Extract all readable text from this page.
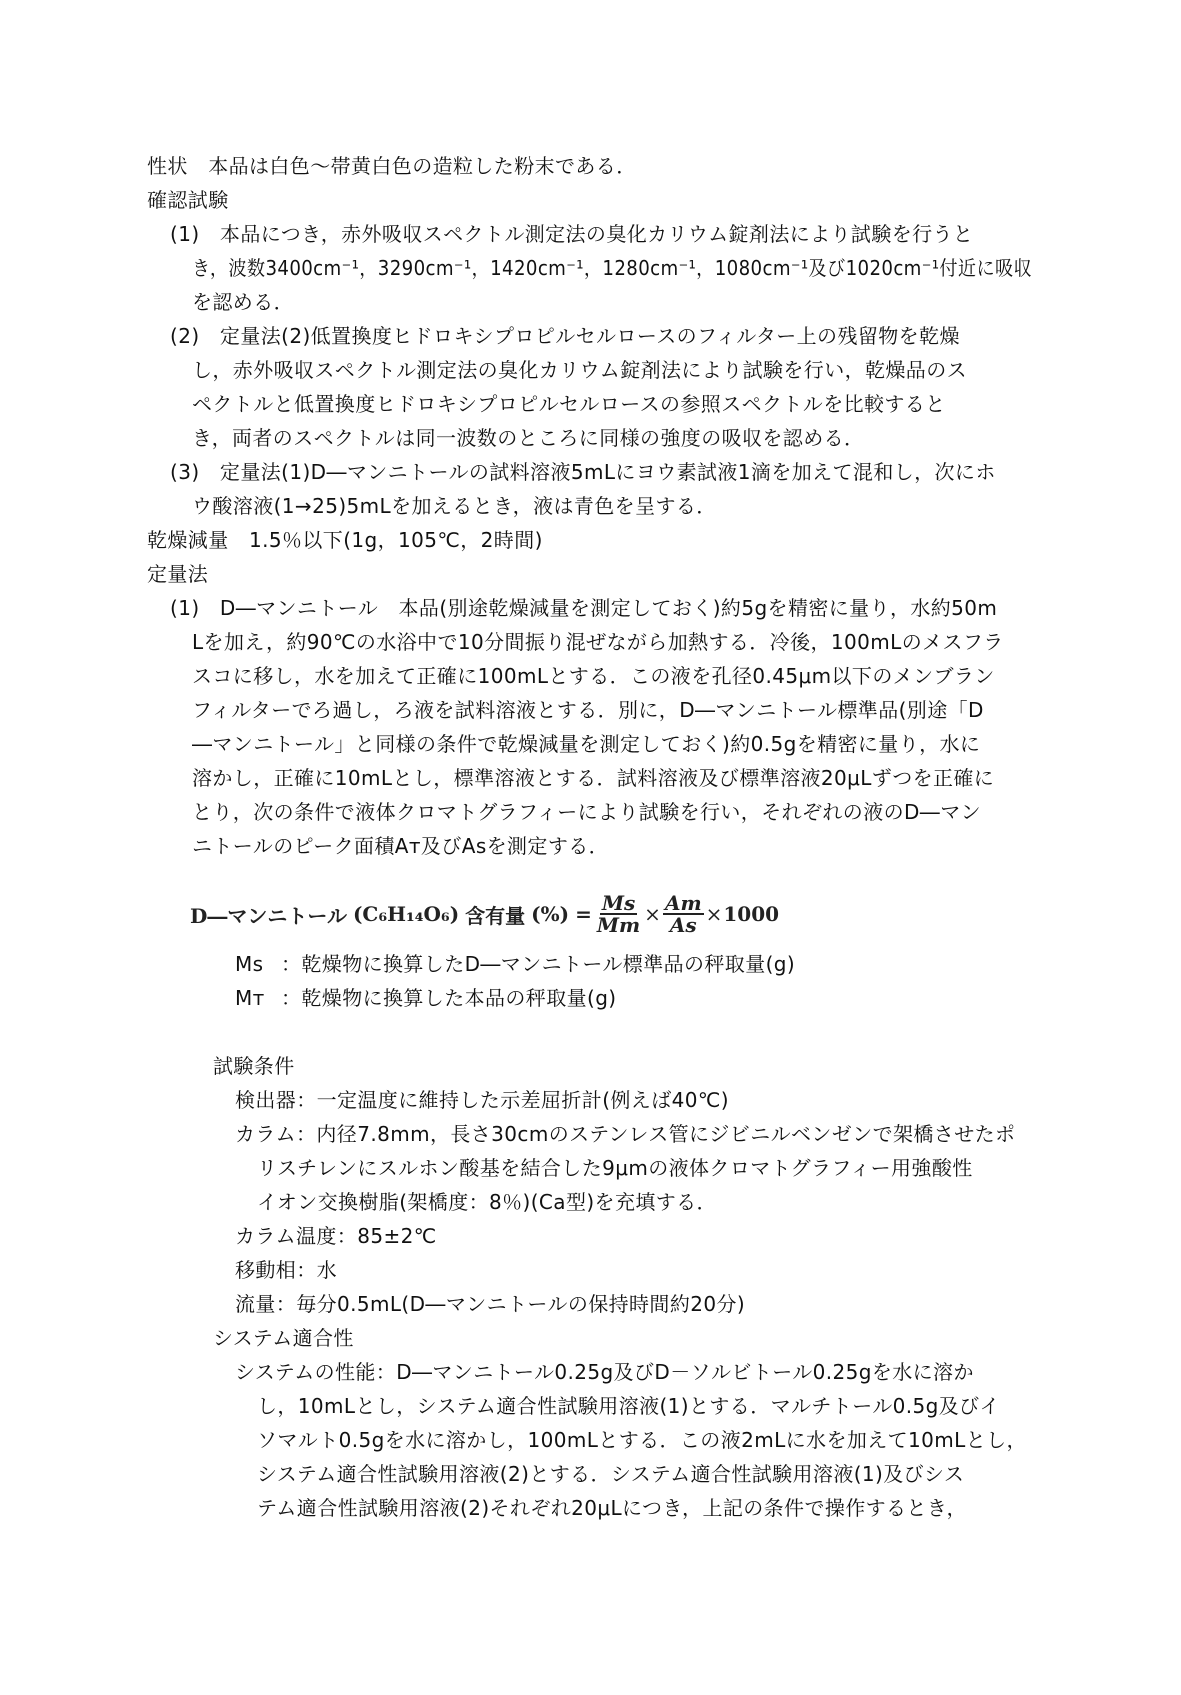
性状　本品は白色～帯黄白色の造粒した粉末である．
確認試験
(1)　本品につき，赤外吸収スペクトル測定法の臭化カリウム錠剤法により試験を行うと
き，波数3400cm⁻¹，3290cm⁻¹，1420cm⁻¹，1280cm⁻¹，1080cm⁻¹及び1020cm⁻¹付近に吸収
を認める．
(2)　定量法(2)低置換度ヒドロキシプロピルセルロースのフィルター上の残留物を乾燥
し，赤外吸収スペクトル測定法の臭化カリウム錠剤法により試験を行い，乾燥品のス
ペクトルと低置換度ヒドロキシプロピルセルロースの参照スペクトルを比較すると
き，両者のスペクトルは同一波数のところに同様の強度の吸収を認める．
(3)　定量法(1)D―マンニトールの試料溶液5mLにヨウ素試液1滴を加えて混和し，次にホ
ウ酸溶液(1→25)5mLを加えるとき，液は青色を呈する．
乾燥減量　1.5％以下(1g，105℃，2時間)
定量法
(1)　D―マンニトール　本品(別途乾燥減量を測定しておく)約5gを精密に量り，水約50m
Lを加え，約90℃の水浴中で10分間振り混ぜながら加熱する．冷後，100mLのメスフラ
スコに移し，水を加えて正確に100mLとする．この液を孔径0.45μm以下のメンブラン
フィルターでろ過し，ろ液を試料溶液とする．別に，D―マンニトール標準品(別途「D
―マンニトール」と同様の条件で乾燥減量を測定しておく)約0.5gを精密に量り，水に
溶かし，正確に10mLとし，標準溶液とする．試料溶液及び標準溶液20μLずつを正確に
とり，次の条件で液体クロマトグラフィーにより試験を行い，それぞれの液のD―マン
ニトールのピーク面積Aᴛ及びAsを測定する．
D―マンニトール (C₆H₁₄O₆) 含有量 (%) = $\frac{Ms}{Mт} \times \frac{Aт}{As} \times 1000$
Ms ：乾燥物に換算したD―マンニトール標準品の秤取量(g)
Mт ：乾燥物に換算した本品の秤取量(g)
試験条件
検出器：一定温度に維持した示差屈折計(例えば40℃)
カラム：内径7.8mm，長さ30cmのステンレス管にジビニルベンゼンで架橋させたポ
リスチレンにスルホン酸基を結合した9μmの液体クロマトグラフィー用強酸性
イオン交換樹脂(架橋度：8％)(Ca型)を充填する．
カラム温度：85±2℃
移動相：水
流量：毎分0.5mL(D―マンニトールの保持時間約20分)
システム適合性
システムの性能：D―マンニトール0.25g及びD－ソルビトール0.25gを水に溶か
し，10mLとし，システム適合性試験用溶液(1)とする．マルチトール0.5g及びイ
ソマルト0.5gを水に溶かし，100mLとする．この液2mLに水を加えて10mLとし，
システム適合性試験用溶液(2)とする．システム適合性試験用溶液(1)及びシス
テム適合性試験用溶液(2)それぞれ20μLにつき，上記の条件で操作するとき，
